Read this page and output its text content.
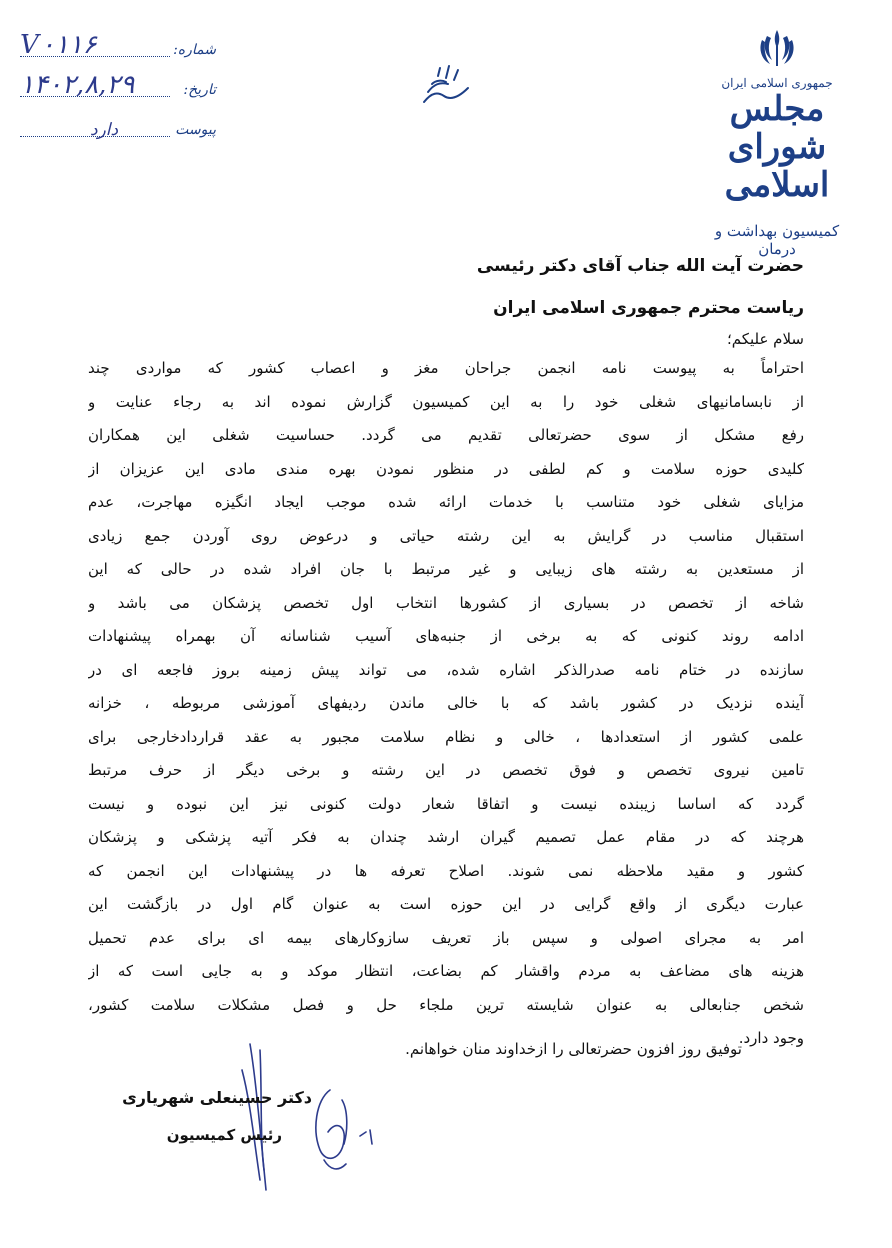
جمهوری اسلامی ایران
مجلس شورای اسلامی
کمیسیون بهداشت و درمان
شماره:
V۰۱۱۶
تاریخ:
۱۴۰۲,۸,۲۹
پیوست
دارد
حضرت آیت الله جناب آقای دکتر رئیسی
ریاست محترم جمهوری اسلامی ایران
سلام علیکم؛
احتراماً به پیوست نامه انجمن جراحان مغز و اعصاب کشور که مواردی چند
از نابسامانیهای شغلی خود را به این کمیسیون گزارش نموده اند به رجاء عنایت و
رفع مشکل از سوی حضرتعالی تقدیم می گردد. حساسیت شغلی این همکاران
کلیدی حوزه سلامت و کم لطفی در منظور نمودن بهره مندی مادی این عزیزان از
مزایای شغلی خود متناسب با خدمات ارائه شده موجب ایجاد انگیزه مهاجرت، عدم
استقبال مناسب در گرایش به این رشته حیاتی و درعوض روی آوردن جمع زیادی
از مستعدین به رشته های زیبایی و غیر مرتبط با جان افراد شده در حالی که این
شاخه از تخصص در بسیاری از کشورها انتخاب اول تخصص پزشکان می باشد و
ادامه روند کنونی که به برخی از جنبه‌های آسیب شناسانه آن بهمراه پیشنهادات
سازنده در ختام نامه صدرالذکر اشاره شده، می تواند پیش زمینه بروز فاجعه ای در
آینده نزدیک در کشور باشد که با خالی ماندن ردیفهای آموزشی مربوطه ، خزانه
علمی کشور از استعدادها ، خالی و نظام سلامت مجبور به عقد قراردادخارجی برای
تامین نیروی تخصص و فوق تخصص در این رشته و برخی دیگر از حرف مرتبط
گردد که اساسا زیبنده نیست و اتفاقا شعار دولت کنونی نیز این نبوده و نیست
هرچند که در مقام عمل تصمیم گیران ارشد چندان به فکر آتیه پزشکی و پزشکان
کشور و مقید ملاحظه نمی شوند. اصلاح تعرفه ها در پیشنهادات این انجمن که
عبارت دیگری از واقع گرایی در این حوزه است به عنوان گام اول در بازگشت این
امر به مجرای اصولی و سپس باز تعریف سازوکارهای بیمه ای برای عدم تحمیل
هزینه های مضاعف به مردم واقشار کم بضاعت، انتظار موکد و به جایی است که از
شخص جنابعالی به عنوان شایسته ترین ملجاء حل و فصل مشکلات سلامت کشور،
وجود دارد.
توفیق روز افزون حضرتعالی را ازخداوند منان خواهانم.
دکتر حسینعلی شهریاری
رئیس کمیسیون
